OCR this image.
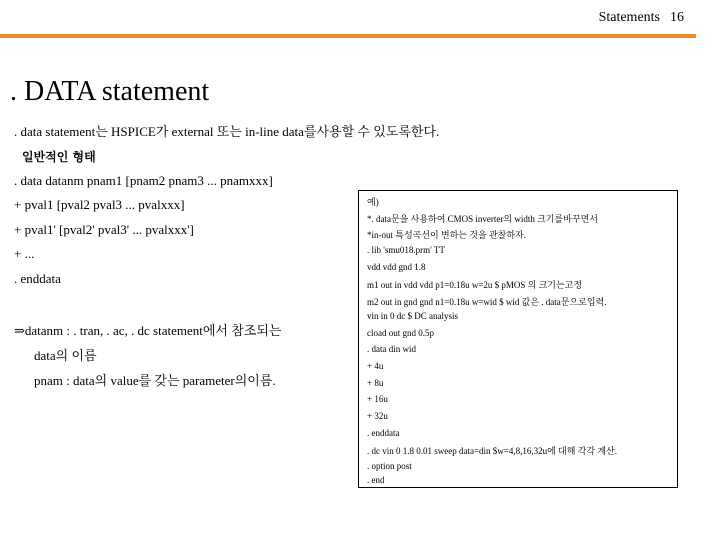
Statements 16
. DATA statement
. data statement는 HSPICE가 external 또는 in-line data를사용할 수 있도록한다.
일반적인 형태
. data datanm pnam1 [pnam2 pnam3 ... pnamxxx]
+ pval1 [pval2 pval3 ... pvalxxx]
+ pval1' [pval2' pval3' ... pvalxxx']
+ ...
. enddata
⇒datanm : . tran, . ac, . dc statement에서 참조되는
data의 이름
pnam : data의 value를 갖는 parameter의이름.
예)
*. data문을 사용하여 CMOS inverter의 width 크기를바꾸면서
*in-out 특성곡선이 변하는 것을 관찰하자.
. lib 'smu018.prm' TT
vdd vdd gnd 1.8
m1 out in vdd vdd p1=0.18u w=2u $ pMOS 의 크기는고정
m2 out in gnd gnd n1=0.18u w=wid $ wid 값은 . data문으로입력.
vin in 0 dc $ DC analysis
cload out gnd 0.5p
. data din wid
+ 4u
+ 8u
+ 16u
+ 32u
. enddata
. dc vin 0 1.8 0.01 sweep data=din $w=4,8,16,32u에 대해 각각 계산.
. option post
. end
